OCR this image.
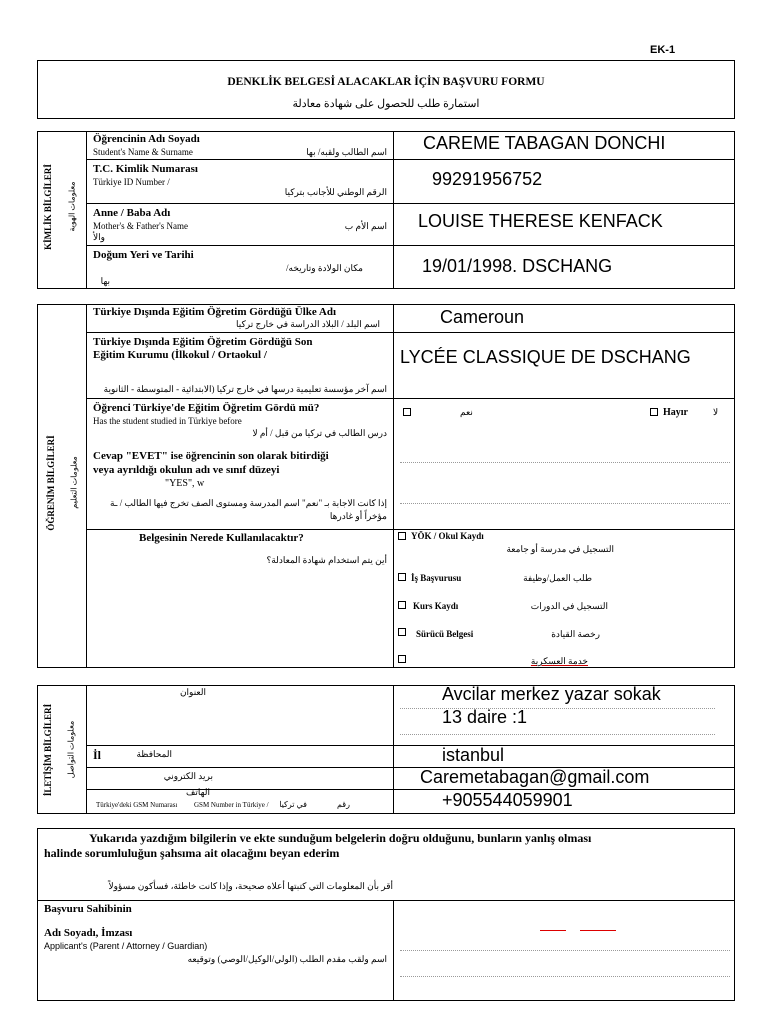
EK-1
DENKLİK BELGESİ ALACAKLAR İÇİN BAŞVURU FORMU
استمارة طلب للحصول على شهادة معادلة
KİMLİK BİLGİLERİ معلومات الهوية
Öğrencinin Adı Soyadı
Student's Name & Surname	اسم الطالب ولقبه/ بها CAREME TABAGAN DONCHI
T.C. Kimlik Numarası
Türkiye ID Number /
الرقم الوطني للأجانب بتركيا
99291956752
Anne / Baba Adı
Mother's & Father's Name
والأ
اسم الأم ب LOUISE THERESE KENFACK
Doğum Yeri ve Tarihi
مكان الولادة وتاريخه/
بها
19/01/1998. DSCHANG
ÖĞRENİM BİLGİLERİ معلومات التعليم
Türkiye Dışında Eğitim Öğretim Gördüğü Ülke Adı
اسم البلد / البلاد الدراسة في خارج تركيا	Cameroun
Türkiye Dışında Eğitim Öğretim Gördüğü Son
Eğitim Kurumu (İlkokul / Ortaokul /
اسم آخر مؤسسة تعليمية درسها في خارج تركيا (الابتدائية - المتوسطة - الثانوية
LYCÉE CLASSIQUE DE DSCHANG
Öğrenci Türkiye'de Eğitim Öğretim Gördü mü?
Has the student studied in Türkiye before
درس الطالب في تركيا من قبل / أم لا
نعم	Hayır	لا
Cevap "EVET" ise öğrencinin son olarak bitirdiği
veya ayrıldığı okulun adı ve sınıf düzeyi
"YES", w
إذا كانت الاجابة بـ "نعم" اسم المدرسة ومستوى الصف تخرج فيها الطالب / ـة
مؤخراً أو غادرها
Belgesinin Nerede Kullanılacaktır?
أين يتم استخدام شهادة المعادلة؟
YÖK / Okul Kaydı
التسجيل في مدرسة أو جامعة
İş Başvurusu	طلب العمل/وظيفة
Kurs Kaydı	التسجيل في الدورات
Sürücü Belgesi	رخصة القيادة
خدمة العسكرية
İLETİŞİM BİLGİLERİ معلومات التواصل
العنوان	Avcilar merkez yazar sokak
13 daire :1
İl	المحافظة	istanbul
بريد الكتروني	Caremetabagan@gmail.com
الهاتف
Türkiye'deki GSM Numarası GSM Number in Türkiye / في تركيا	رقم	+905544059901
Yukarıda yazdığım bilgilerin ve ekte sunduğum belgelerin doğru olduğunu, bunların yanlış olması
halinde sorumluluğun şahsıma ait olacağını beyan ederim
أقر بأن المعلومات التي كتبتها أعلاه صحيحة، وإذا كانت خاطئة، فسأكون مسؤولاً
Başvuru Sahibinin
Adı Soyadı, İmzası
Applicant's (Parent / Attorney / Guardian)
اسم ولقب مقدم الطلب (الولي/الوكيل/الوصي) وتوقيعه
